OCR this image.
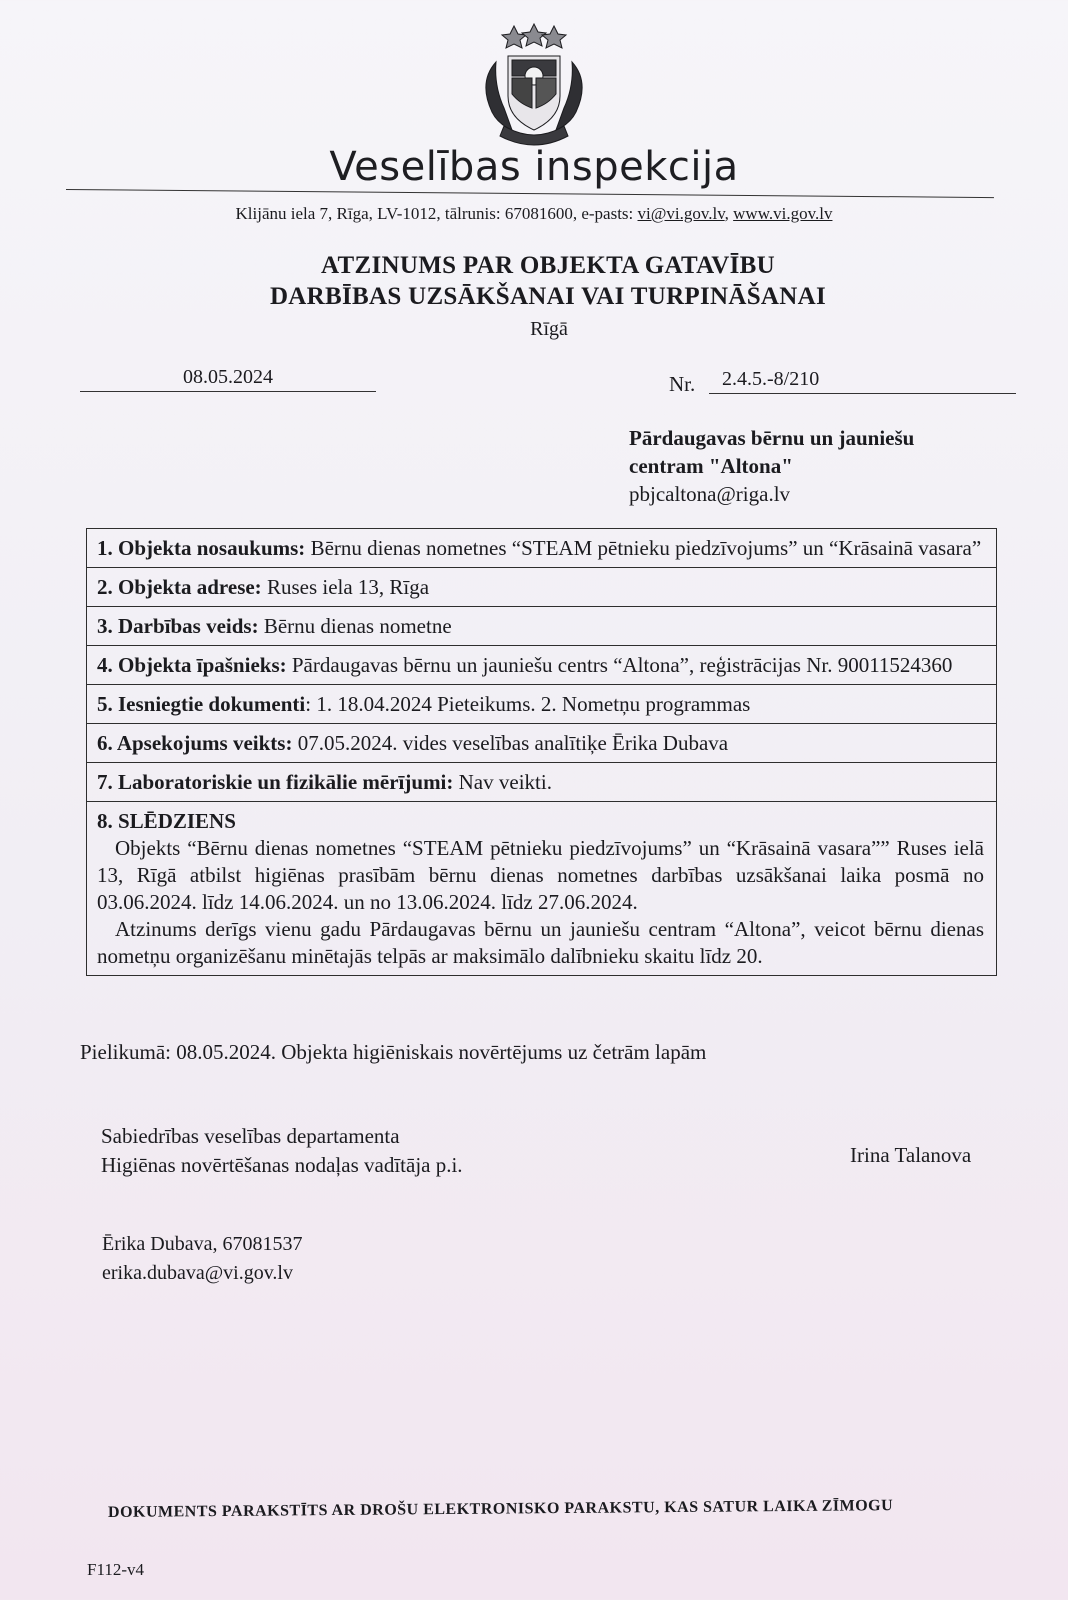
Veselības inspekcija
Klijānu iela 7, Rīga, LV-1012, tālrunis: 67081600, e-pasts: vi@vi.gov.lv, www.vi.gov.lv
ATZINUMS PAR OBJEKTA GATAVĪBU
DARBĪBAS UZSĀKŠANAI VAI TURPINĀŠANAI
Rīgā
08.05.2024	Nr.	2.4.5.-8/210
Pārdaugavas bērnu un jauniešu
centram "Altona"
pbjcaltona@riga.lv
1. Objekta nosaukums: Bērnu dienas nometnes “STEAM pētnieku piedzīvojums” un “Krāsainā vasara”
2. Objekta adrese: Ruses iela 13, Rīga
3. Darbības veids: Bērnu dienas nometne
4. Objekta īpašnieks: Pārdaugavas bērnu un jauniešu centrs “Altona”, reģistrācijas Nr. 90011524360
5. Iesniegtie dokumenti: 1. 18.04.2024 Pieteikums. 2. Nometņu programmas
6. Apsekojums veikts: 07.05.2024. vides veselības analītiķe Ērika Dubava
7. Laboratoriskie un fizikālie mērījumi: Nav veikti.

8. SLĒDZIENS

Objekts “Bērnu dienas nometnes “STEAM pētnieku piedzīvojums” un “Krāsainā vasara”” Ruses ielā 13, Rīgā atbilst higiēnas prasībām bērnu dienas nometnes darbības uzsākšanai laika posmā no 03.06.2024. līdz 14.06.2024. un no 13.06.2024. līdz 27.06.2024.

Atzinums derīgs vienu gadu Pārdaugavas bērnu un jauniešu centram “Altona”, veicot bērnu dienas nometņu organizēšanu minētajās telpās ar maksimālo dalībnieku skaitu līdz 20.

Pielikumā: 08.05.2024. Objekta higiēniskais novērtējums uz četrām lapām
Sabiedrības veselības departamenta
Higiēnas novērtēšanas nodaļas vadītāja p.i.	Irina Talanova
Ērika Dubava, 67081537
erika.dubava@vi.gov.lv
DOKUMENTS PARAKSTĪTS AR DROŠU ELEKTRONISKO PARAKSTU, KAS SATUR LAIKA ZĪMOGU
F112-v4
